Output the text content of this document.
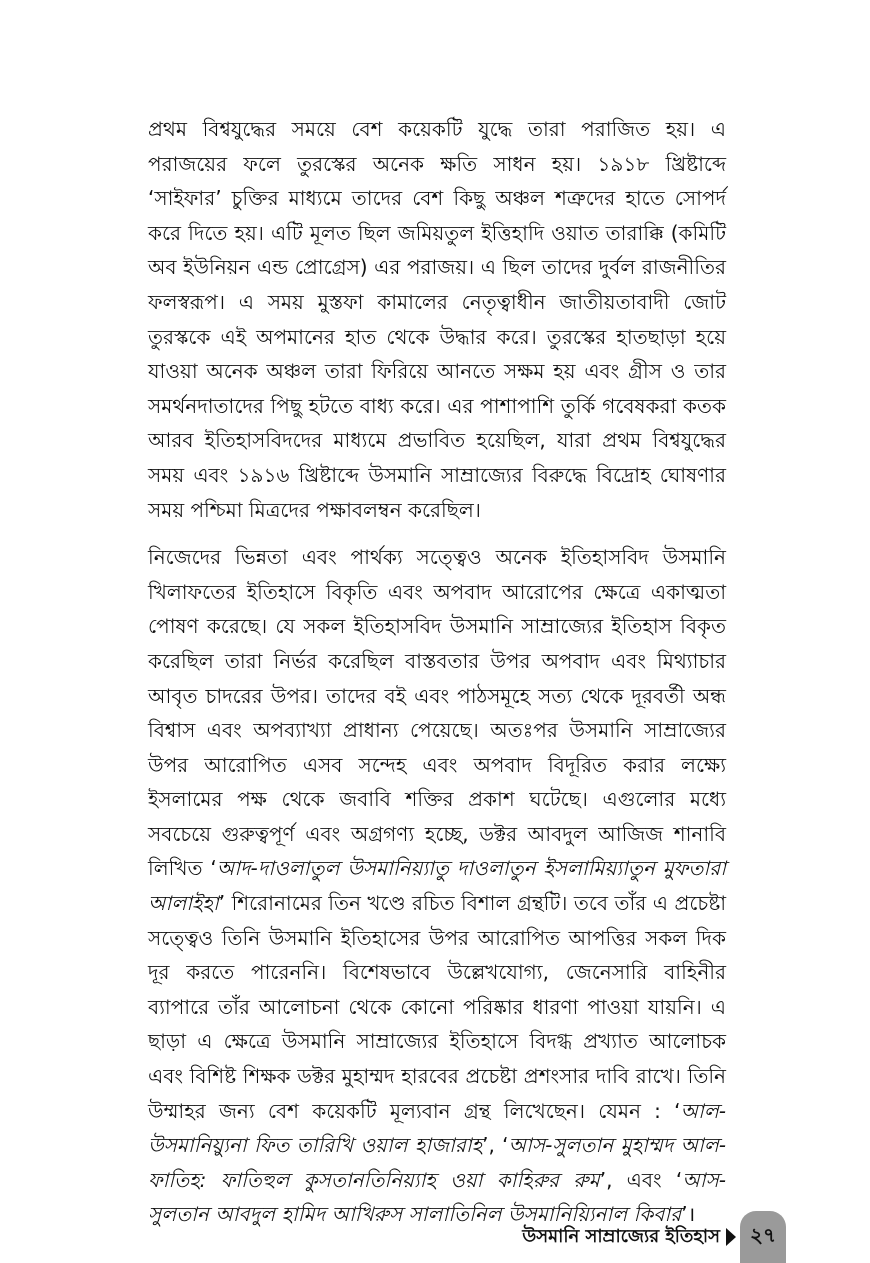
প্রথম বিশ্বযুদ্ধের সময়ে বেশ কয়েকটি যুদ্ধে তারা পরাজিত হয়। এ পরাজয়ের ফলে তুরস্কের অনেক ক্ষতি সাধন হয়। ১৯১৮ খ্রিষ্টাব্দে ‘সাইফার’ চুক্তির মাধ্যমে তাদের বেশ কিছু অঞ্চল শত্রুদের হাতে সোপর্দ করে দিতে হয়। এটি মূলত ছিল জমিয়তুল ইত্তিহাদি ওয়াত তারাক্কি (কমিটি অব ইউনিয়ন এন্ড প্রোগ্রেস) এর পরাজয়। এ ছিল তাদের দুর্বল রাজনীতির ফলস্বরূপ। এ সময় মুস্তফা কামালের নেতৃত্বাধীন জাতীয়তাবাদী জোট তুরস্ককে এই অপমানের হাত থেকে উদ্ধার করে। তুরস্কের হাতছাড়া হয়ে যাওয়া অনেক অঞ্চল তারা ফিরিয়ে আনতে সক্ষম হয় এবং গ্রীস ও তার সমর্থনদাতাদের পিছু হটতে বাধ্য করে। এর পাশাপাশি তুর্কি গবেষকরা কতক আরব ইতিহাসবিদদের মাধ্যমে প্রভাবিত হয়েছিল, যারা প্রথম বিশ্বযুদ্ধের সময় এবং ১৯১৬ খ্রিষ্টাব্দে উসমানি সাম্রাজ্যের বিরুদ্ধে বিদ্রোহ ঘোষণার সময় পশ্চিমা মিত্রদের পক্ষাবলম্বন করেছিল।

নিজেদের ভিন্নতা এবং পার্থক্য সত্ত্বেও অনেক ইতিহাসবিদ উসমানি খিলাফতের ইতিহাসে বিকৃতি এবং অপবাদ আরোপের ক্ষেত্রে একাত্মতা পোষণ করেছে। যে সকল ইতিহাসবিদ উসমানি সাম্রাজ্যের ইতিহাস বিকৃত করেছিল তারা নির্ভর করেছিল বাস্তবতার উপর অপবাদ এবং মিথ্যাচার আবৃত চাদরের উপর। তাদের বই এবং পাঠসমূহে সত্য থেকে দূরবর্তী অন্ধ বিশ্বাস এবং অপব্যাখ্যা প্রাধান্য পেয়েছে। অতঃপর উসমানি সাম্রাজ্যের উপর আরোপিত এসব সন্দেহ এবং অপবাদ বিদূরিত করার লক্ষ্যে ইসলামের পক্ষ থেকে জবাবি শক্তির প্রকাশ ঘটেছে। এগুলোর মধ্যে সবচেয়ে গুরুত্বপূর্ণ এবং অগ্রগণ্য হচ্ছে, ডক্টর আবদুল আজিজ শানাবি লিখিত ‘আদ-দাওলাতুল উসমানিয়্যাতু দাওলাতুন ইসলামিয়্যাতুন মুফতারা আলাইহা’ শিরোনামের তিন খণ্ডে রচিত বিশাল গ্রন্থটি। তবে তাঁর এ প্রচেষ্টা সত্ত্বেও তিনি উসমানি ইতিহাসের উপর আরোপিত আপত্তির সকল দিক দূর করতে পারেননি। বিশেষভাবে উল্লেখযোগ্য, জেনেসারি বাহিনীর ব্যাপারে তাঁর আলোচনা থেকে কোনো পরিষ্কার ধারণা পাওয়া যায়নি। এ ছাড়া এ ক্ষেত্রে উসমানি সাম্রাজ্যের ইতিহাসে বিদগ্ধ প্রখ্যাত আলোচক এবং বিশিষ্ট শিক্ষক ডক্টর মুহাম্মদ হারবের প্রচেষ্টা প্রশংসার দাবি রাখে। তিনি উম্মাহর জন্য বেশ কয়েকটি মূল্যবান গ্রন্থ লিখেছেন। যেমন : ‘আল-উসমানিয়্যুনা ফিত তারিখি ওয়াল হাজারাহ’, ‘আস-সুলতান মুহাম্মদ আল-ফাতিহ: ফাতিহুল কুসতানতিনিয়্যাহ ওয়া কাহিরুর রুম’, এবং ‘আস-সুলতান আবদুল হামিদ আখিরুস সালাতিনিল উসমানিয়্যিনাল কিবার’।

উসমানি সাম্রাজ্যের ইতিহাস ২৭
